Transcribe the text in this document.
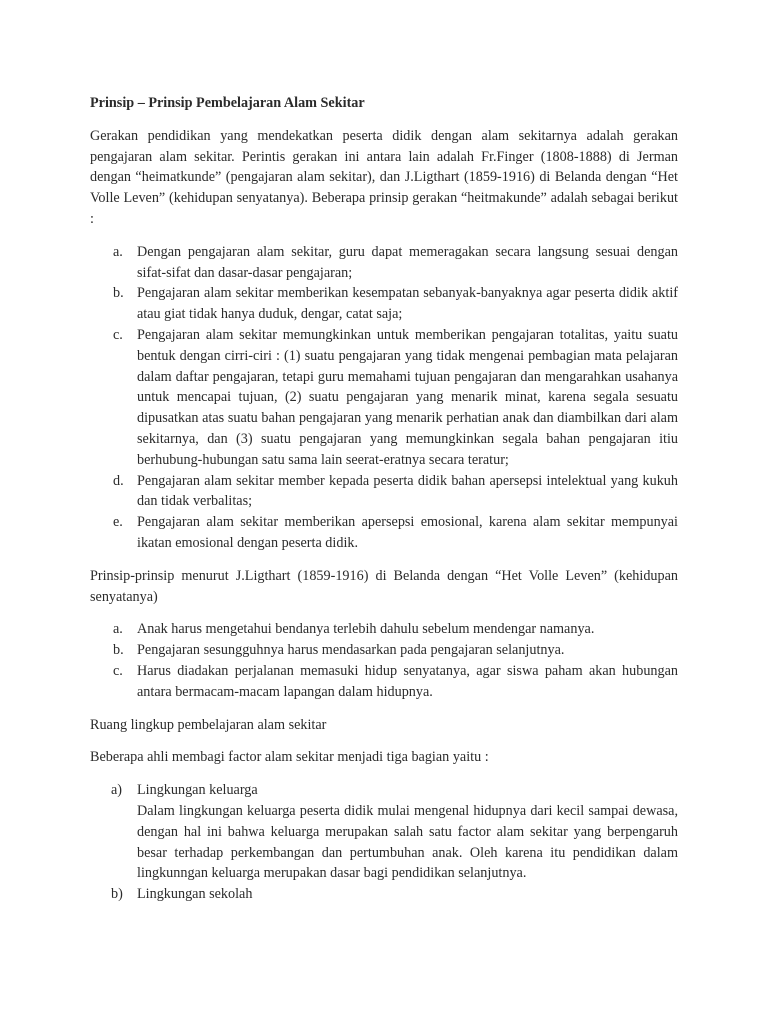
Prinsip – Prinsip Pembelajaran Alam Sekitar

Gerakan pendidikan yang mendekatkan peserta didik dengan alam sekitarnya adalah gerakan pengajaran alam sekitar. Perintis gerakan ini antara lain adalah Fr.Finger (1808-1888) di Jerman dengan “heimatkunde” (pengajaran alam sekitar), dan J.Ligthart (1859-1916) di Belanda dengan “Het Volle Leven” (kehidupan senyatanya). Beberapa prinsip gerakan “heitmakunde” adalah sebagai berikut :

a. Dengan pengajaran alam sekitar, guru dapat memeragakan secara langsung sesuai dengan sifat-sifat dan dasar-dasar pengajaran;
b. Pengajaran alam sekitar memberikan kesempatan sebanyak-banyaknya agar peserta didik aktif atau giat tidak hanya duduk, dengar, catat saja;
c. Pengajaran alam sekitar memungkinkan untuk memberikan pengajaran totalitas, yaitu suatu bentuk dengan cirri-ciri : (1) suatu pengajaran yang tidak mengenai pembagian mata pelajaran dalam daftar pengajaran, tetapi guru memahami tujuan pengajaran dan mengarahkan usahanya untuk mencapai tujuan, (2) suatu pengajaran yang menarik minat, karena segala sesuatu dipusatkan atas suatu bahan pengajaran yang menarik perhatian anak dan diambilkan dari alam sekitarnya, dan (3) suatu pengajaran yang memungkinkan segala bahan pengajaran itiu berhubung-hubungan satu sama lain seerat-eratnya secara teratur;
d. Pengajaran alam sekitar member kepada peserta didik bahan apersepsi intelektual yang kukuh dan tidak verbalitas;
e. Pengajaran alam sekitar memberikan apersepsi emosional, karena alam sekitar mempunyai ikatan emosional dengan peserta didik.

Prinsip-prinsip menurut J.Ligthart (1859-1916) di Belanda dengan “Het Volle Leven” (kehidupan senyatanya)

a. Anak harus mengetahui bendanya terlebih dahulu sebelum mendengar namanya.
b. Pengajaran sesungguhnya harus mendasarkan pada pengajaran selanjutnya.
c. Harus diadakan perjalanan memasuki hidup senyatanya, agar siswa paham akan hubungan antara bermacam-macam lapangan dalam hidupnya.

Ruang lingkup pembelajaran alam sekitar

Beberapa ahli membagi factor alam sekitar menjadi tiga bagian yaitu :

a) Lingkungan keluarga
Dalam lingkungan keluarga peserta didik mulai mengenal hidupnya dari kecil sampai dewasa, dengan hal ini bahwa keluarga merupakan salah satu factor alam sekitar yang berpengaruh besar terhadap perkembangan dan pertumbuhan anak. Oleh karena itu pendidikan dalam lingkunngan keluarga merupakan dasar bagi pendidikan selanjutnya.
b) Lingkungan sekolah
